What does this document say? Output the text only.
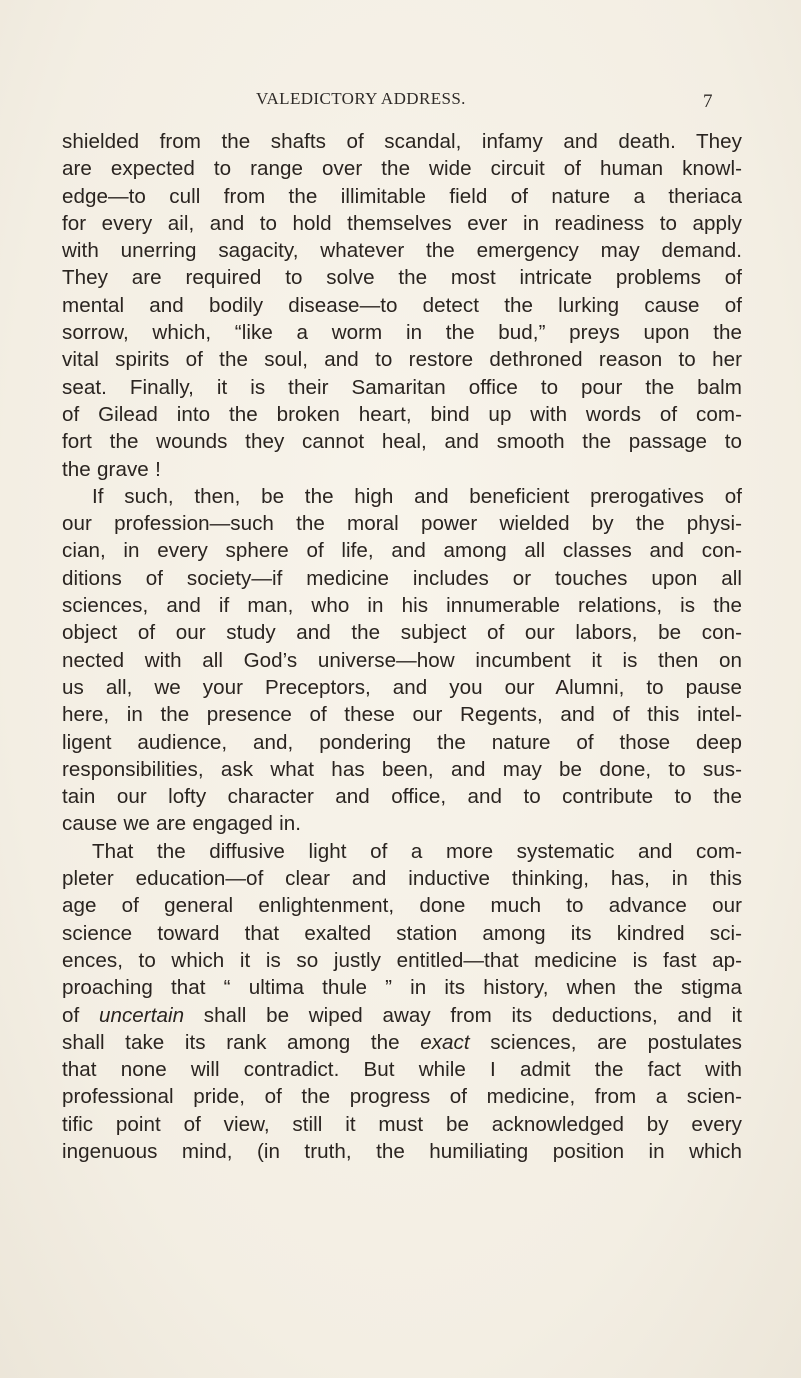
VALEDICTORY ADDRESS.	7
shielded from the shafts of scandal, infamy and death. They
are expected to range over the wide circuit of human knowl-
edge—to cull from the illimitable field of nature a theriaca
for every ail, and to hold themselves ever in readiness to apply
with unerring sagacity, whatever the emergency may demand.
They are required to solve the most intricate problems of
mental and bodily disease—to detect the lurking cause of
sorrow, which, “like a worm in the bud,” preys upon the
vital spirits of the soul, and to restore dethroned reason to her
seat. Finally, it is their Samaritan office to pour the balm
of Gilead into the broken heart, bind up with words of com-
fort the wounds they cannot heal, and smooth the passage to
the grave !
If such, then, be the high and beneficient prerogatives of
our profession—such the moral power wielded by the physi-
cian, in every sphere of life, and among all classes and con-
ditions of society—if medicine includes or touches upon all
sciences, and if man, who in his innumerable relations, is the
object of our study and the subject of our labors, be con-
nected with all God’s universe—how incumbent it is then on
us all, we your Preceptors, and you our Alumni, to pause
here, in the presence of these our Regents, and of this intel-
ligent audience, and, pondering the nature of those deep
responsibilities, ask what has been, and may be done, to sus-
tain our lofty character and office, and to contribute to the
cause we are engaged in.
That the diffusive light of a more systematic and com-
pleter education—of clear and inductive thinking, has, in this
age of general enlightenment, done much to advance our
science toward that exalted station among its kindred sci-
ences, to which it is so justly entitled—that medicine is fast ap-
proaching that “ ultima thule ” in its history, when the stigma
of uncertain shall be wiped away from its deductions, and it
shall take its rank among the exact sciences, are postulates
that none will contradict. But while I admit the fact with
professional pride, of the progress of medicine, from a scien-
tific point of view, still it must be acknowledged by every
ingenuous mind, (in truth, the humiliating position in which
